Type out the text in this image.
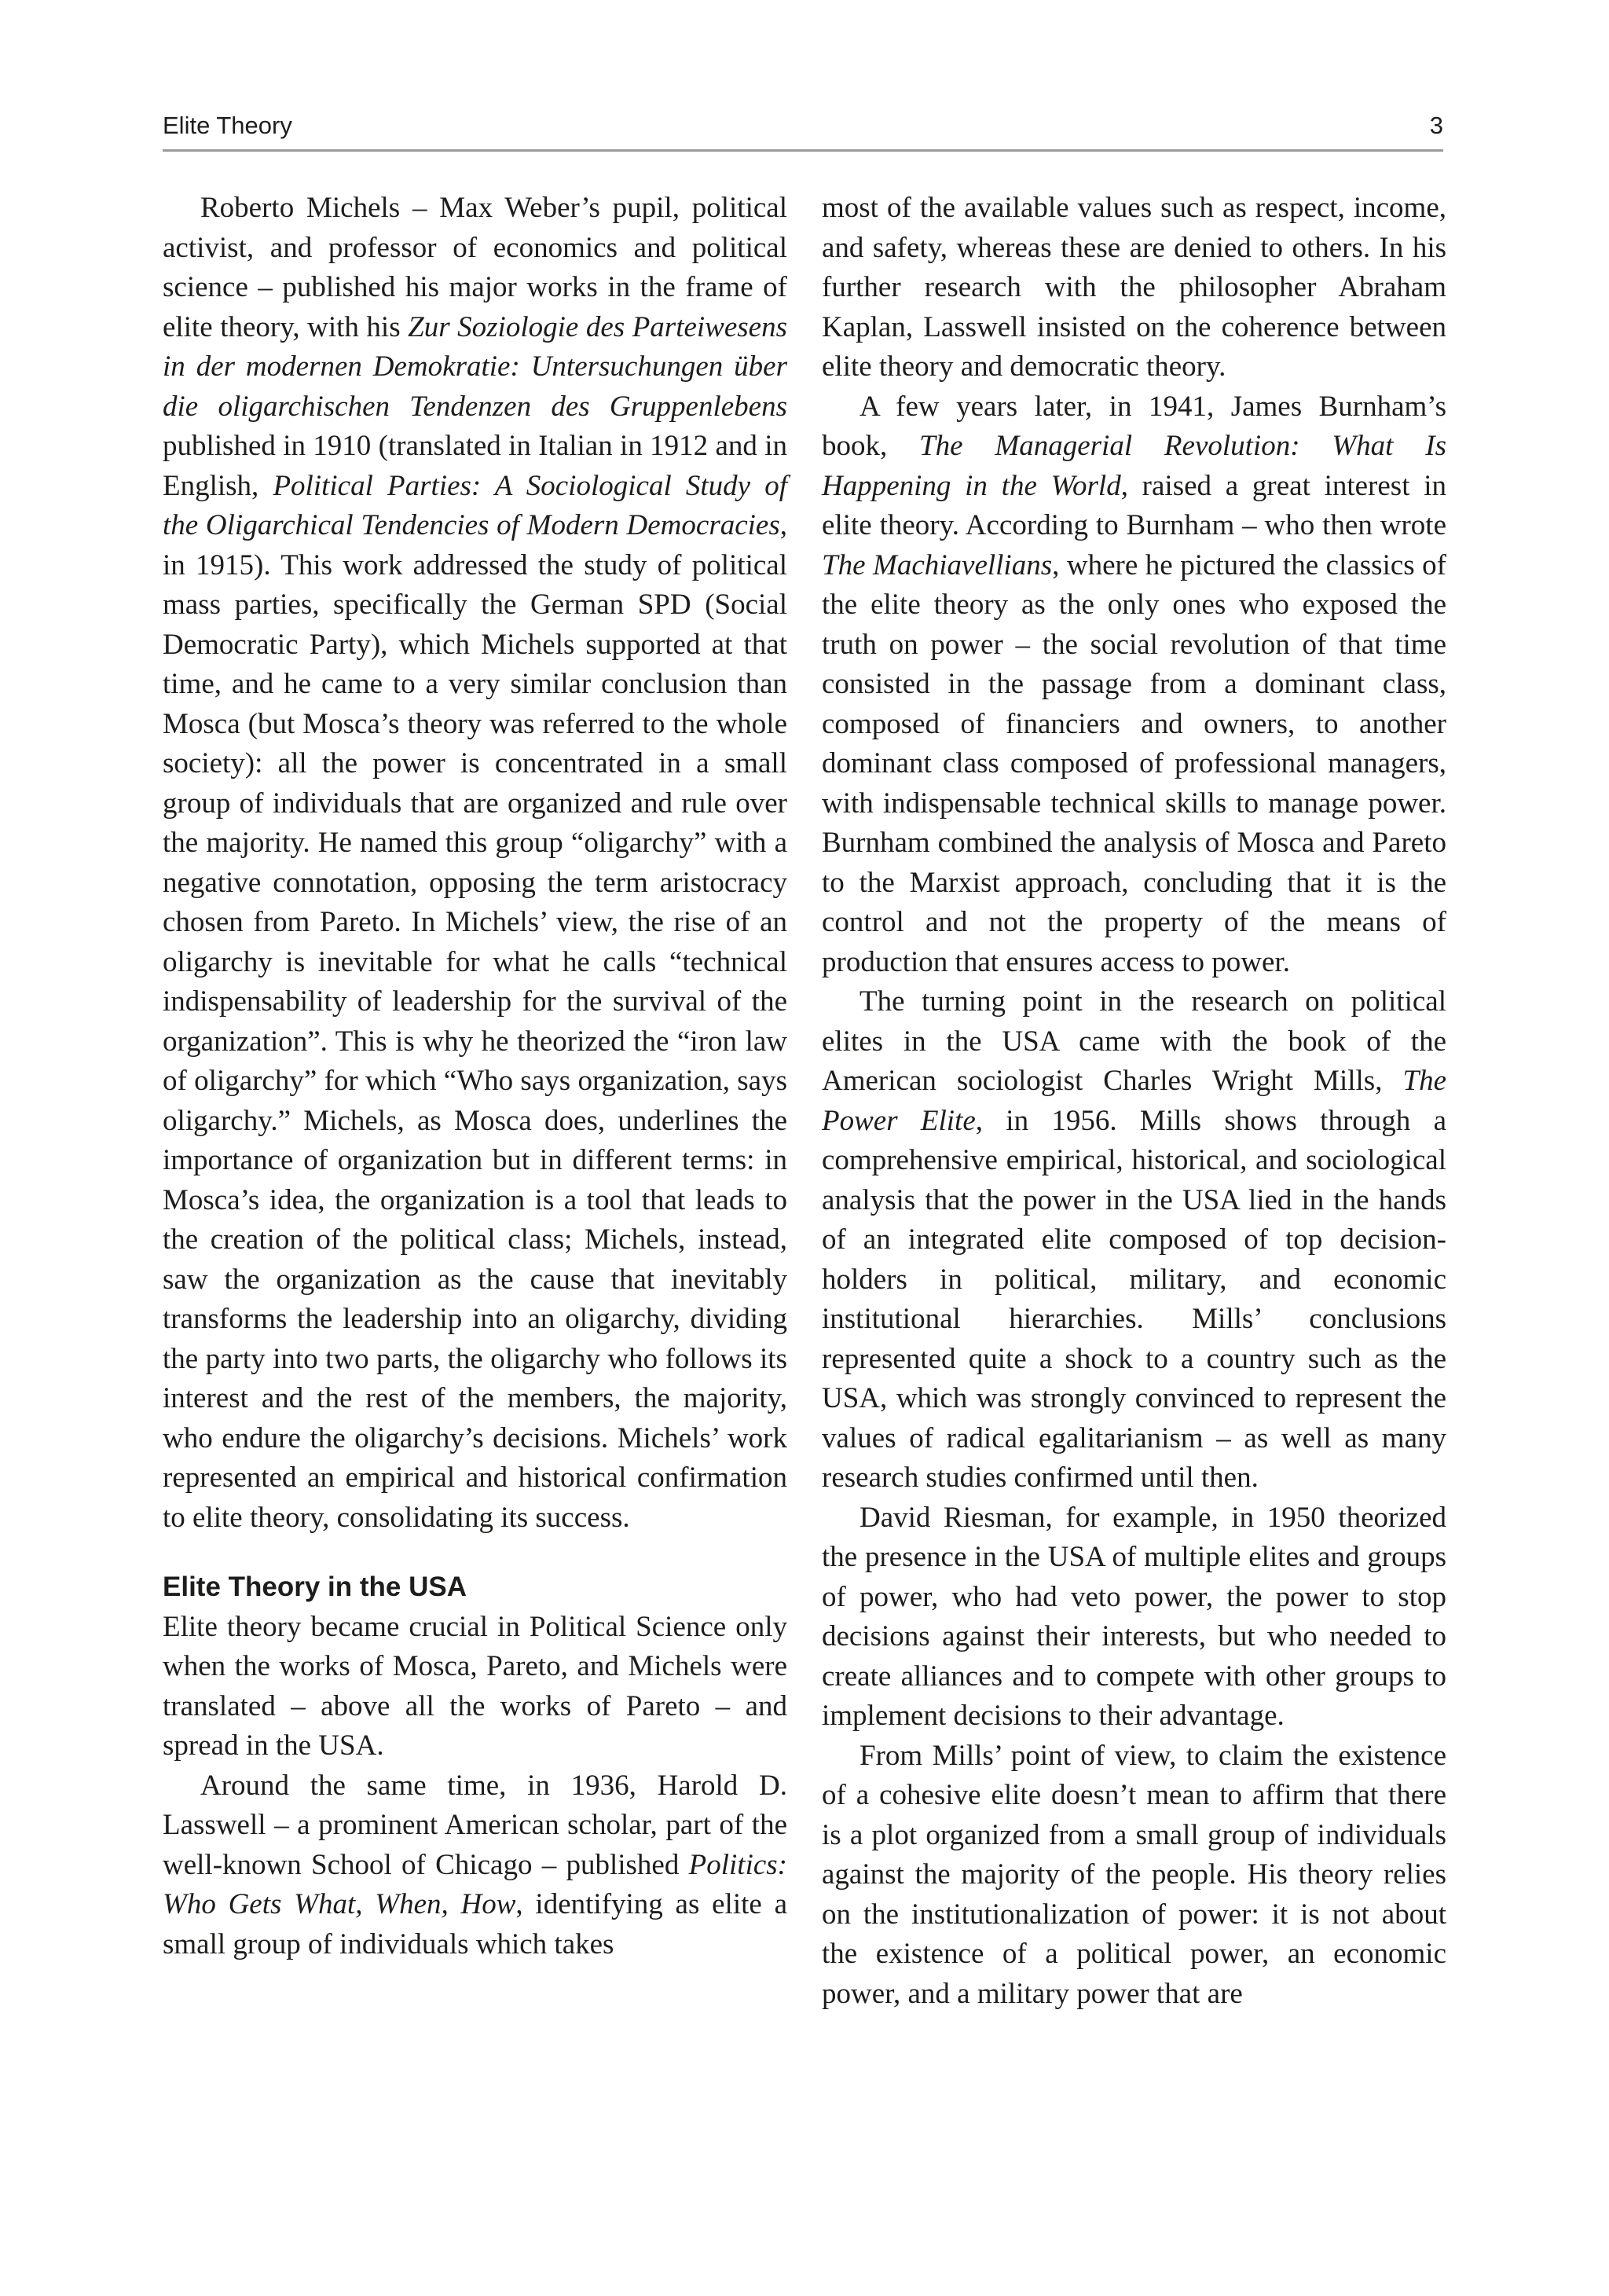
Elite Theory	3

Roberto Michels – Max Weber’s pupil, political activist, and professor of economics and political science – published his major works in the frame of elite theory, with his Zur Soziologie des Parteiwesens in der modernen Demokratie: Untersuchungen über die oligarchischen Tendenzen des Gruppenlebens published in 1910 (translated in Italian in 1912 and in English, Political Parties: A Sociological Study of the Oligarchical Tendencies of Modern Democracies, in 1915). This work addressed the study of political mass parties, specifically the German SPD (Social Democratic Party), which Michels supported at that time, and he came to a very similar conclusion than Mosca (but Mosca’s theory was referred to the whole society): all the power is concentrated in a small group of individuals that are organized and rule over the majority. He named this group “oligarchy” with a negative connotation, opposing the term aristocracy chosen from Pareto. In Michels’ view, the rise of an oligarchy is inevitable for what he calls “technical indispensability of leadership for the survival of the organization”. This is why he theorized the “iron law of oligarchy” for which “Who says organization, says oligarchy.” Michels, as Mosca does, underlines the importance of organization but in different terms: in Mosca’s idea, the organization is a tool that leads to the creation of the political class; Michels, instead, saw the organization as the cause that inevitably transforms the leadership into an oligarchy, dividing the party into two parts, the oligarchy who follows its interest and the rest of the members, the majority, who endure the oligarchy’s decisions. Michels’ work represented an empirical and historical confirmation to elite theory, consolidating its success.

Elite Theory in the USA

Elite theory became crucial in Political Science only when the works of Mosca, Pareto, and Michels were translated – above all the works of Pareto – and spread in the USA.

Around the same time, in 1936, Harold D. Lasswell – a prominent American scholar, part of the well-known School of Chicago – published Politics: Who Gets What, When, How, identifying as elite a small group of individuals which takes

most of the available values such as respect, income, and safety, whereas these are denied to others. In his further research with the philosopher Abraham Kaplan, Lasswell insisted on the coherence between elite theory and democratic theory.

A few years later, in 1941, James Burnham’s book, The Managerial Revolution: What Is Happening in the World, raised a great interest in elite theory. According to Burnham – who then wrote The Machiavellians, where he pictured the classics of the elite theory as the only ones who exposed the truth on power – the social revolution of that time consisted in the passage from a dominant class, composed of financiers and owners, to another dominant class composed of professional managers, with indispensable technical skills to manage power. Burnham combined the analysis of Mosca and Pareto to the Marxist approach, concluding that it is the control and not the property of the means of production that ensures access to power.

The turning point in the research on political elites in the USA came with the book of the American sociologist Charles Wright Mills, The Power Elite, in 1956. Mills shows through a comprehensive empirical, historical, and sociological analysis that the power in the USA lied in the hands of an integrated elite composed of top decision-holders in political, military, and economic institutional hierarchies. Mills’ conclusions represented quite a shock to a country such as the USA, which was strongly convinced to represent the values of radical egalitarianism – as well as many research studies confirmed until then.

David Riesman, for example, in 1950 theorized the presence in the USA of multiple elites and groups of power, who had veto power, the power to stop decisions against their interests, but who needed to create alliances and to compete with other groups to implement decisions to their advantage.

From Mills’ point of view, to claim the existence of a cohesive elite doesn’t mean to affirm that there is a plot organized from a small group of individuals against the majority of the people. His theory relies on the institutionalization of power: it is not about the existence of a political power, an economic power, and a military power that are
